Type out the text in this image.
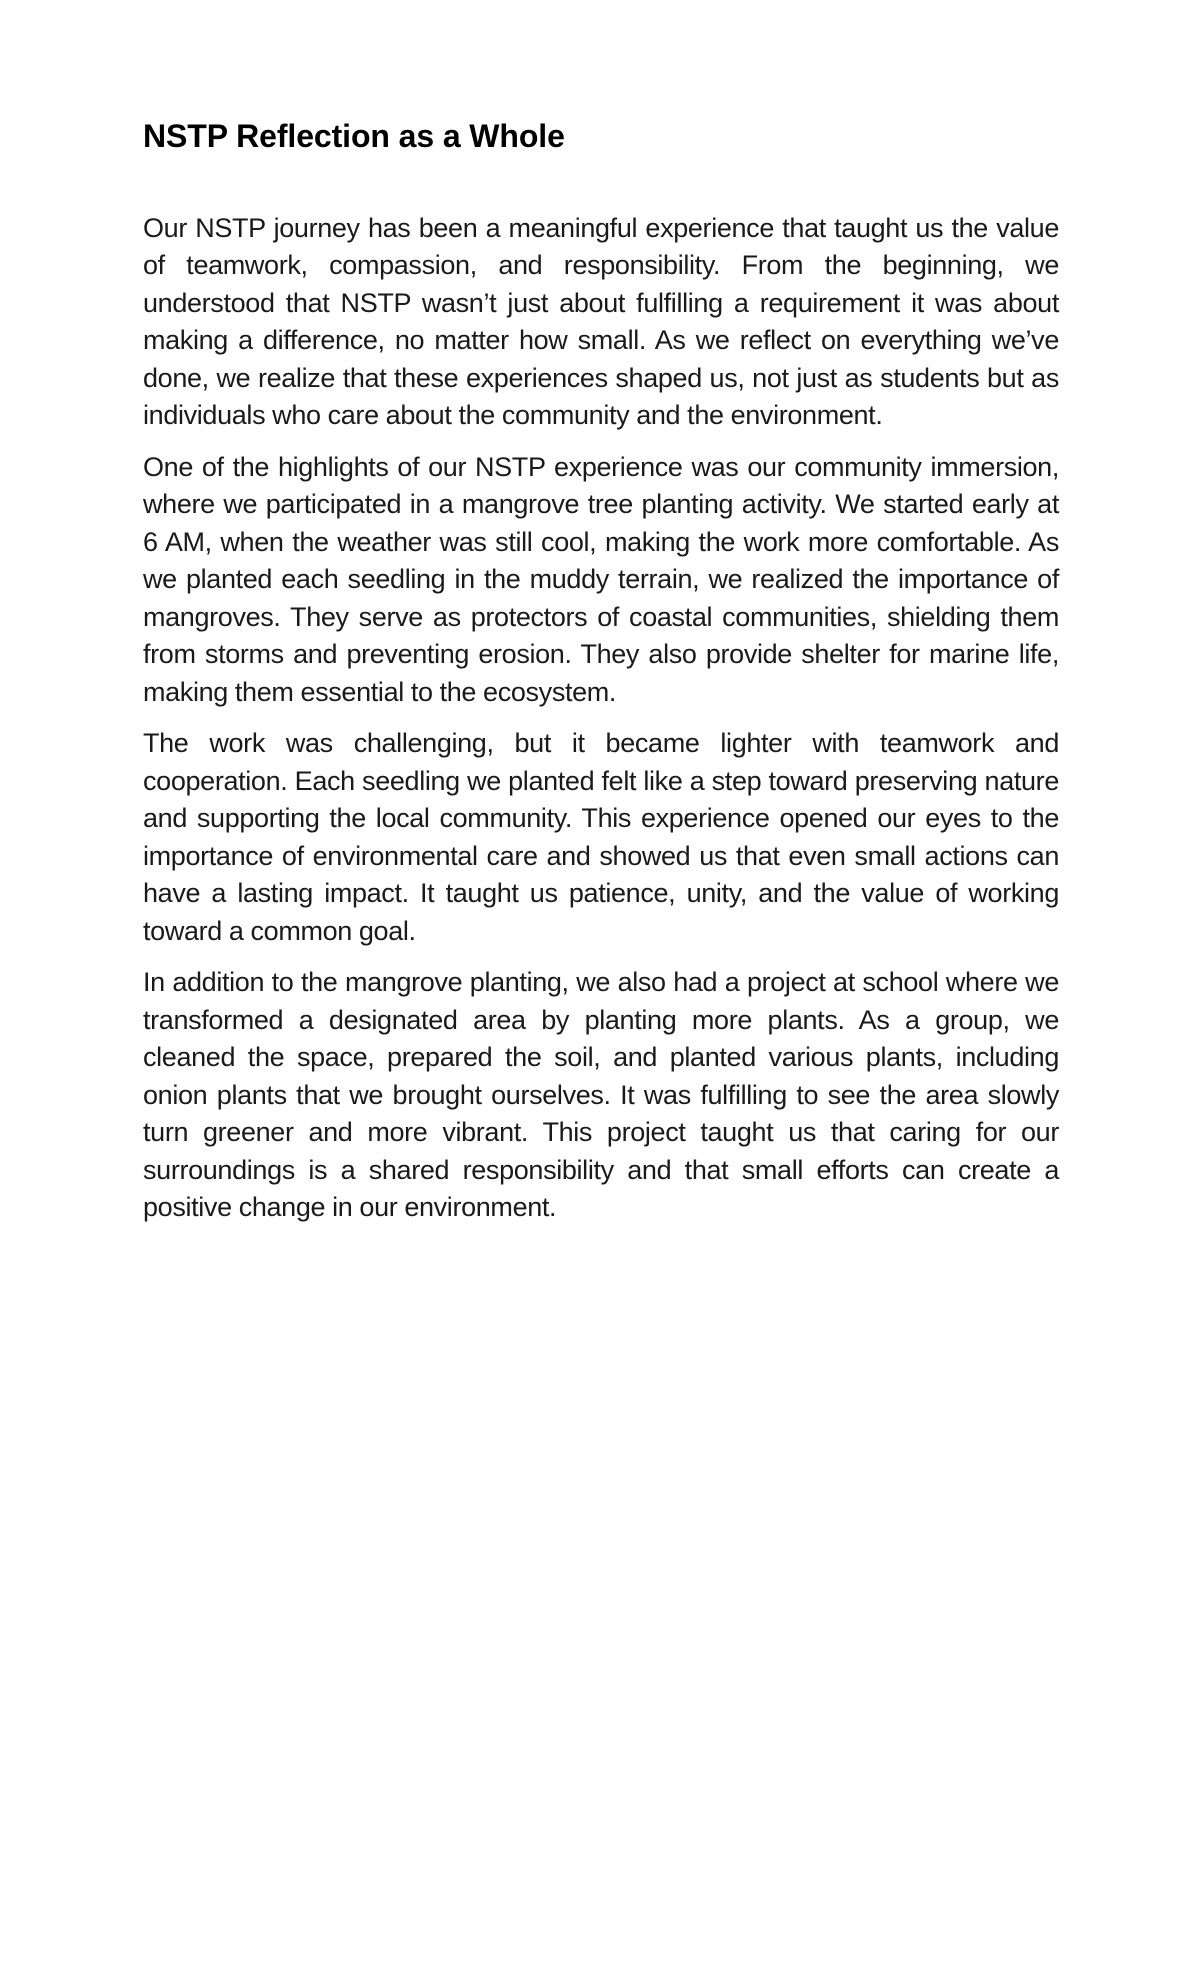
NSTP Reflection as a Whole

Our NSTP journey has been a meaningful experience that taught us the value of teamwork, compassion, and responsibility. From the beginning, we understood that NSTP wasn’t just about fulfilling a requirement it was about making a difference, no matter how small. As we reflect on everything we’ve done, we realize that these experiences shaped us, not just as students but as individuals who care about the community and the environment.

One of the highlights of our NSTP experience was our community immersion, where we participated in a mangrove tree planting activity. We started early at 6 AM, when the weather was still cool, making the work more comfortable. As we planted each seedling in the muddy terrain, we realized the importance of mangroves. They serve as protectors of coastal communities, shielding them from storms and preventing erosion. They also provide shelter for marine life, making them essential to the ecosystem.

The work was challenging, but it became lighter with teamwork and cooperation. Each seedling we planted felt like a step toward preserving nature and supporting the local community. This experience opened our eyes to the importance of environmental care and showed us that even small actions can have a lasting impact. It taught us patience, unity, and the value of working toward a common goal.

In addition to the mangrove planting, we also had a project at school where we transformed a designated area by planting more plants. As a group, we cleaned the space, prepared the soil, and planted various plants, including onion plants that we brought ourselves. It was fulfilling to see the area slowly turn greener and more vibrant. This project taught us that caring for our surroundings is a shared responsibility and that small efforts can create a positive change in our environment.
